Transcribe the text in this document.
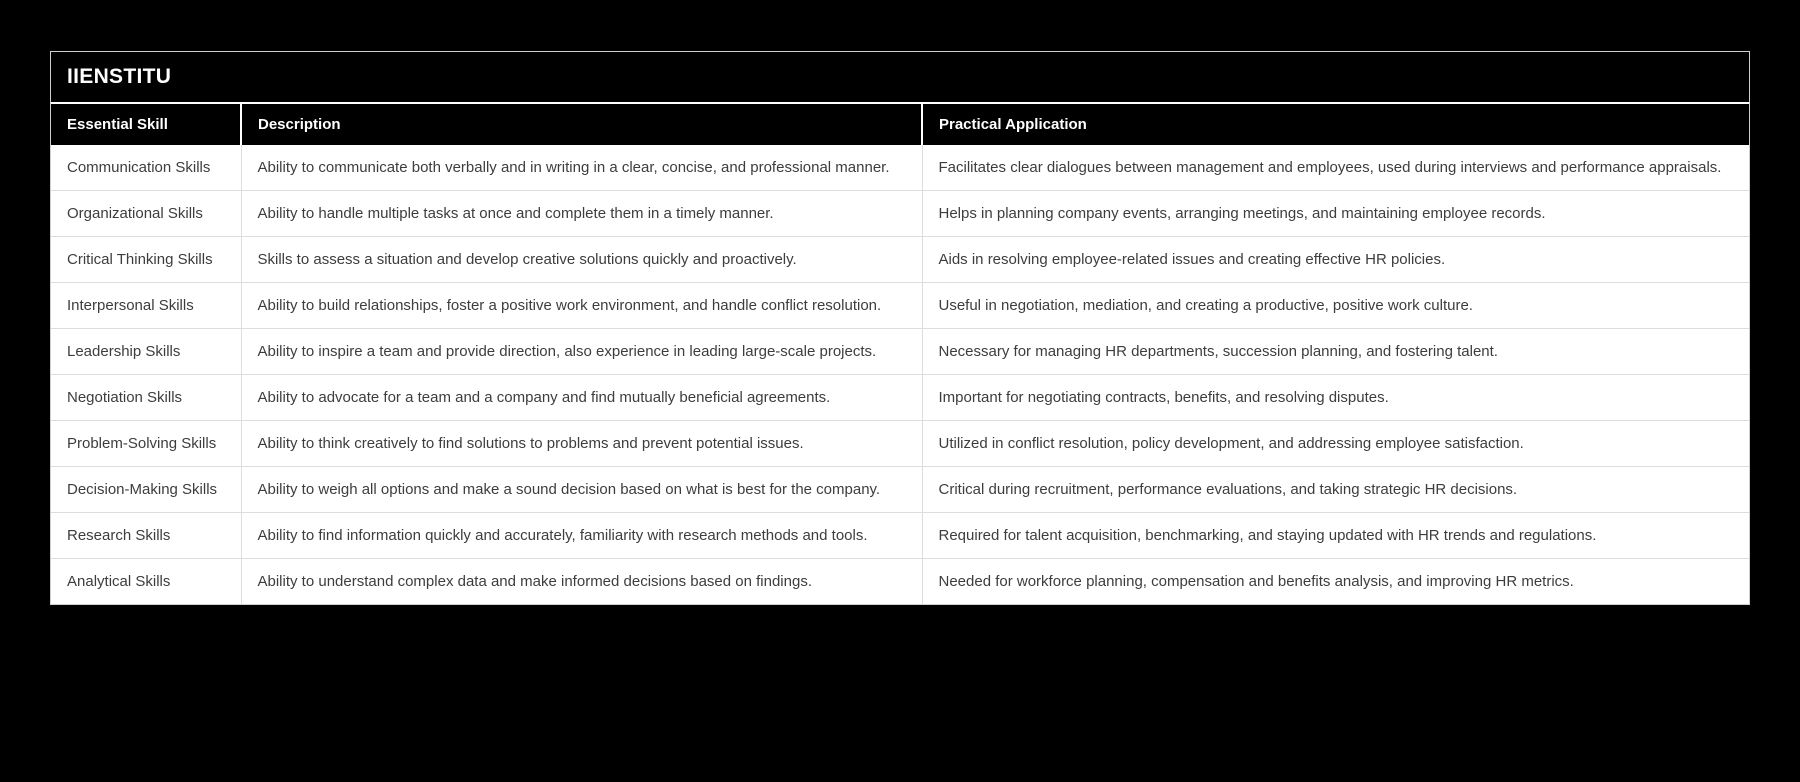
IIENSTITU
Essential Skill	Description	Practical Application
Communication Skills	Ability to communicate both verbally and in writing in a clear, concise, and professional manner.	Facilitates clear dialogues between management and employees, used during interviews and performance appraisals.
Organizational Skills	Ability to handle multiple tasks at once and complete them in a timely manner.	Helps in planning company events, arranging meetings, and maintaining employee records.
Critical Thinking Skills	Skills to assess a situation and develop creative solutions quickly and proactively.	Aids in resolving employee-related issues and creating effective HR policies.
Interpersonal Skills	Ability to build relationships, foster a positive work environment, and handle conflict resolution.	Useful in negotiation, mediation, and creating a productive, positive work culture.
Leadership Skills	Ability to inspire a team and provide direction, also experience in leading large-scale projects.	Necessary for managing HR departments, succession planning, and fostering talent.
Negotiation Skills	Ability to advocate for a team and a company and find mutually beneficial agreements.	Important for negotiating contracts, benefits, and resolving disputes.
Problem-Solving Skills	Ability to think creatively to find solutions to problems and prevent potential issues.	Utilized in conflict resolution, policy development, and addressing employee satisfaction.
Decision-Making Skills	Ability to weigh all options and make a sound decision based on what is best for the company.	Critical during recruitment, performance evaluations, and taking strategic HR decisions.
Research Skills	Ability to find information quickly and accurately, familiarity with research methods and tools.	Required for talent acquisition, benchmarking, and staying updated with HR trends and regulations.
Analytical Skills	Ability to understand complex data and make informed decisions based on findings.	Needed for workforce planning, compensation and benefits analysis, and improving HR metrics.
